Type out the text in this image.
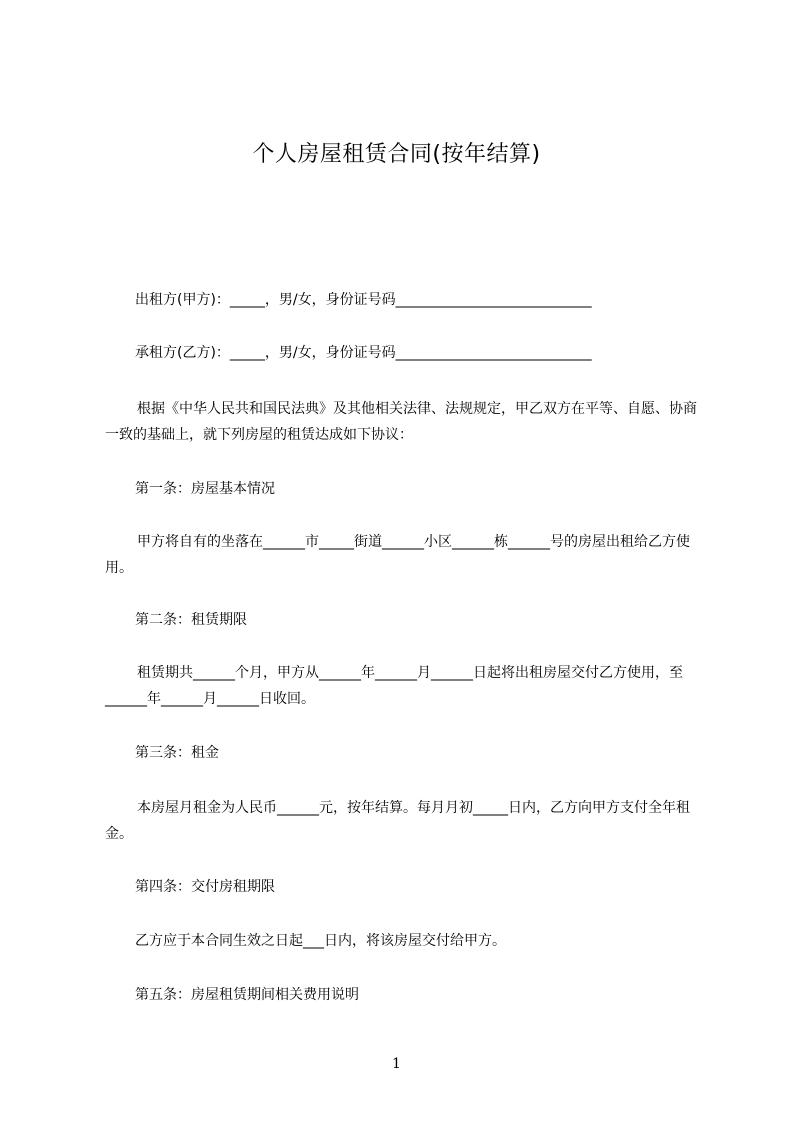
个人房屋租赁合同(按年结算)

出租方(甲方)：_____，男/女，身份证号码____________________________

承租方(乙方)：_____，男/女，身份证号码____________________________

根据《中华人民共和国民法典》及其他相关法律、法规规定，甲乙双方在平等、自愿、协商一致的基础上，就下列房屋的租赁达成如下协议：

第一条：房屋基本情况

甲方将自有的坐落在______市_____街道______小区______栋______号的房屋出租给乙方使用。

第二条：租赁期限

租赁期共______个月，甲方从______年______月______日起将出租房屋交付乙方使用，至______年______月______日收回。

第三条：租金

本房屋月租金为人民币______元，按年结算。每月月初_____日内，乙方向甲方支付全年租金。

第四条：交付房租期限

乙方应于本合同生效之日起___日内，将该房屋交付给甲方。

第五条：房屋租赁期间相关费用说明

1
